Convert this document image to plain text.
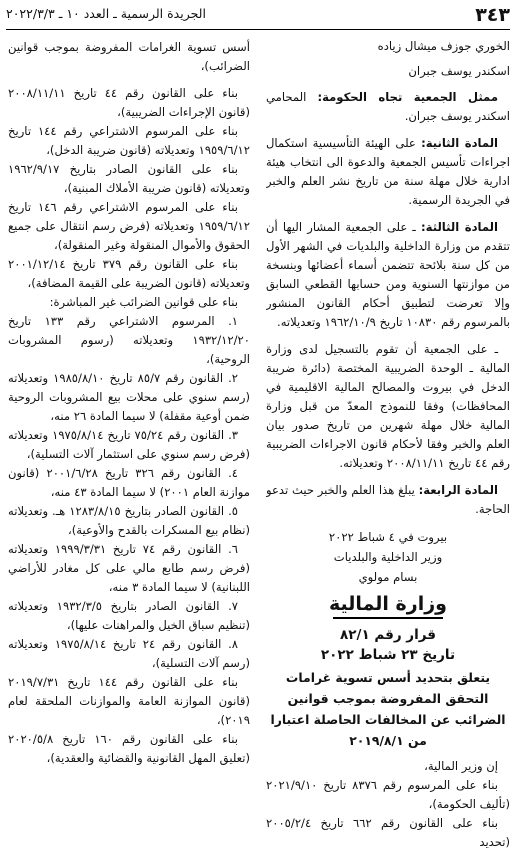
٣٤٣
الجريدة الرسمية ـ العدد ١٠ ـ ٢٠٢٢/٣/٣

الخوري جوزف ميشال زياده

اسكندر يوسف جبران

ممثل الجمعية تجاه الحكومة: المحامي اسكندر يوسف جبران.

المادة الثانية: على الهيئة التأسيسية استكمال اجراءات تأسيس الجمعية والدعوة الى انتخاب هيئة ادارية خلال مهلة سنة من تاريخ نشر العلم والخبر في الجريدة الرسمية.

المادة الثالثة: ـ على الجمعية المشار اليها أن تتقدم من وزارة الداخلية والبلديات في الشهر الأول من كل سنة بلائحة تتضمن أسماء أعضائها وبنسخة من موازنتها السنوية ومن حسابها القطعي السابق وإلا تعرضت لتطبيق أحكام القانون المنشور بالمرسوم رقم ١٠٨٣٠ تاريخ ١٩٦٢/١٠/٩ وتعديلاته.

ـ على الجمعية أن تقوم بالتسجيل لدى وزارة المالية ـ الوحدة الضريبية المختصة (دائرة ضريبة الدخل في بيروت والمصالح المالية الاقليمية في المحافظات) وفقا للنموذج المعدّ من قبل وزارة المالية خلال مهلة شهرين من تاريخ صدور بيان العلم والخبر وفقا لأحكام قانون الاجراءات الضريبية رقم ٤٤ تاريخ ٢٠٠٨/١١/١١ وتعديلاته.

المادة الرابعة: يبلغ هذا العلم والخبر حيث تدعو الحاجة.

بيروت في ٤ شباط ٢٠٢٢

وزير الداخلية والبلديات

بسام مولوي

وزارة المالية

قرار رقم ٨٢/١

تاريخ ٢٣ شباط ٢٠٢٢

يتعلق بتحديد أسس تسوية غرامات التحقق المفروضة بموجب قوانين الضرائب عن المخالفات الحاصلة اعتبارا من ٢٠١٩/٨/١

إن وزير المالية،

بناء على المرسوم رقم ٨٣٧٦ تاريخ ٢٠٢١/٩/١٠ (تأليف الحكومة)،

بناء على القانون رقم ٦٦٢ تاريخ ٢٠٠٥/٢/٤ (تحديد

أسس تسوية الغرامات المفروضة بموجب قوانين الضرائب)،

بناء على القانون رقم ٤٤ تاريخ ٢٠٠٨/١١/١١ (قانون الإجراءات الضريبية)،

بناء على المرسوم الاشتراعي رقم ١٤٤ تاريخ ١٩٥٩/٦/١٢ وتعديلاته (قانون ضريبة الدخل)،

بناء على القانون الصادر بتاريخ ١٩٦٢/٩/١٧ وتعديلاته (قانون ضريبة الأملاك المبنية)،

بناء على المرسوم الاشتراعي رقم ١٤٦ تاريخ ١٩٥٩/٦/١٢ وتعديلاته (فرض رسم انتقال على جميع الحقوق والأموال المنقولة وغير المنقولة)،

بناء على القانون رقم ٣٧٩ تاريخ ٢٠٠١/١٢/١٤ وتعديلاته (قانون الضريبة على القيمة المضافة)،

بناء على قوانين الضرائب غير المباشرة:

١. المرسوم الاشتراعي رقم ١٣٣ تاريخ ١٩٣٢/١٢/٢٠ وتعديلاته (رسوم المشروبات الروحية)،

٢. القانون رقم ٨٥/٧ تاريخ ١٩٨٥/٨/١٠ وتعديلاته (رسم سنوي على محلات بيع المشروبات الروحية ضمن أوعية مقفلة) لا سيما المادة ٢٦ منه،

٣. القانون رقم ٧٥/٢٤ تاريخ ١٩٧٥/٨/١٤ وتعديلاته (فرض رسم سنوي على استثمار آلات التسلية)،

٤. القانون رقم ٣٢٦ تاريخ ٢٠٠١/٦/٢٨ (قانون موازنة العام ٢٠٠١) لا سيما المادة ٤٣ منه،

٥. القانون الصادر بتاريخ ١٢٨٣/٨/١٥ هـ. وتعديلاته (نظام بيع المسكرات بالقدح والأوعية)،

٦. القانون رقم ٧٤ تاريخ ١٩٩٩/٣/٣١ وتعديلاته (فرض رسم طابع مالي على كل مغادر للأراضي اللبنانية) لا سيما المادة ٣ منه،

٧. القانون الصادر بتاريخ ١٩٣٢/٣/٥ وتعديلاته (تنظيم سباق الخيل والمراهنات عليها)،

٨. القانون رقم ٢٤ تاريخ ١٩٧٥/٨/١٤ وتعديلاته (رسم آلات التسلية)،

بناء على القانون رقم ١٤٤ تاريخ ٢٠١٩/٧/٣١ (قانون الموازنة العامة والموازنات الملحقة لعام ٢٠١٩)،

بناء على القانون رقم ١٦٠ تاريخ ٢٠٢٠/٥/٨ (تعليق المهل القانونية والقضائية والعقدية)،
